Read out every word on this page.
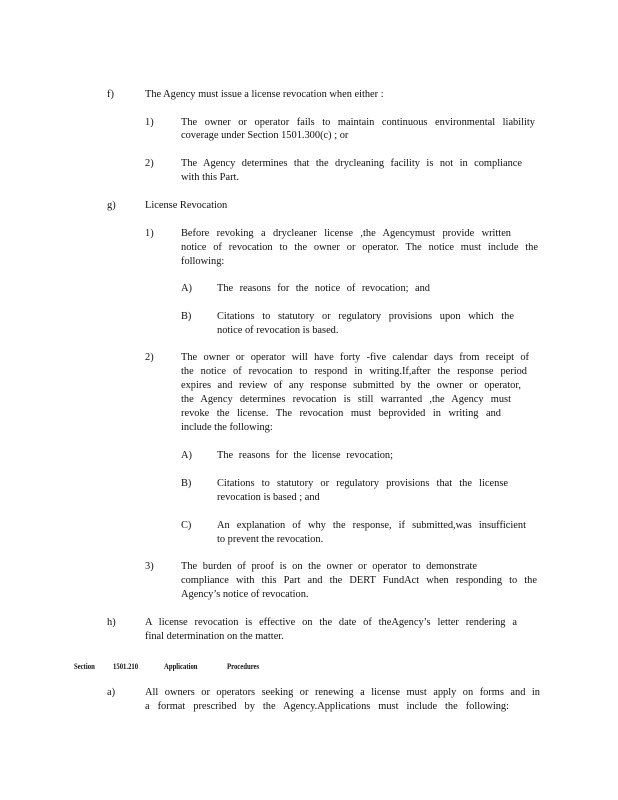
f)	The Agency must issue a license revocation when either :
1)	The owner or operator fails to maintain continuous environmental liability
coverage under Section 1501.300(c) ; or
2)	The Agency determines that the drycleaning facility is not in compliance
with this Part.
g)	License Revocation
1)	Before revoking a drycleaner license ,the Agencymust provide written
notice of revocation to the owner or operator. The notice must include the
following:
A) The reasons for the notice of revocation; and
B) Citations to statutory or regulatory provisions upon which the
notice of revocation is based.
2)	The owner or operator will have forty -five calendar days from receipt of
the notice of revocation to respond in writing.If,after the response period
expires and review of any response submitted by the owner or operator,
the Agency determines revocation is still warranted ,the Agency must
revoke the license. The revocation must beprovided in writing and
include the following:
A) The reasons for the license revocation;
B) Citations to statutory or regulatory provisions that the license
revocation is based ; and
C) An explanation of why the response, if submitted,was insufficient
to prevent the revocation.
3)	The burden of proof is on the owner or operator to demonstrate
compliance with this Part and the DERT FundAct when responding to the
Agency’s notice of revocation.
h)	A license revocation is effective on the date of theAgency’s letter rendering a
final determination on the matter.
Section 1501.210	Application	Procedures
a)	All owners or operators seeking or renewing a license must apply on forms and in
a format prescribed by the Agency.Applications must include the following:
